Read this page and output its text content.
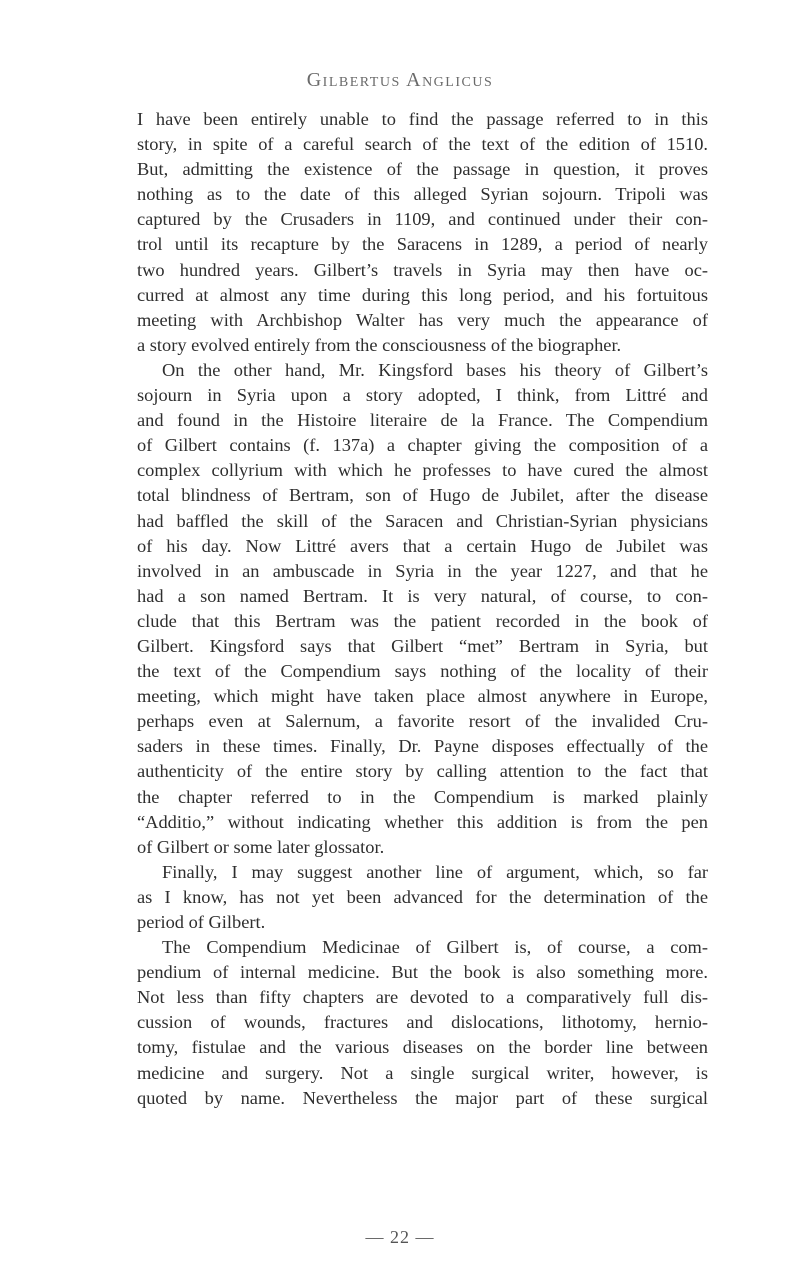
Gilbertus Anglicus
I have been entirely unable to find the passage referred to in this
story, in spite of a careful search of the text of the edition of 1510.
But, admitting the existence of the passage in question, it proves
nothing as to the date of this alleged Syrian sojourn. Tripoli was
captured by the Crusaders in 1109, and continued under their con-
trol until its recapture by the Saracens in 1289, a period of nearly
two hundred years. Gilbert’s travels in Syria may then have oc-
curred at almost any time during this long period, and his fortuitous
meeting with Archbishop Walter has very much the appearance of
a story evolved entirely from the consciousness of the biographer.
On the other hand, Mr. Kingsford bases his theory of Gilbert’s
sojourn in Syria upon a story adopted, I think, from Littré and
and found in the Histoire literaire de la France. The Compendium
of Gilbert contains (f. 137a) a chapter giving the composition of a
complex collyrium with which he professes to have cured the almost
total blindness of Bertram, son of Hugo de Jubilet, after the disease
had baffled the skill of the Saracen and Christian-Syrian physicians
of his day. Now Littré avers that a certain Hugo de Jubilet was
involved in an ambuscade in Syria in the year 1227, and that he
had a son named Bertram. It is very natural, of course, to con-
clude that this Bertram was the patient recorded in the book of
Gilbert. Kingsford says that Gilbert “met” Bertram in Syria, but
the text of the Compendium says nothing of the locality of their
meeting, which might have taken place almost anywhere in Europe,
perhaps even at Salernum, a favorite resort of the invalided Cru-
saders in these times. Finally, Dr. Payne disposes effectually of the
authenticity of the entire story by calling attention to the fact that
the chapter referred to in the Compendium is marked plainly
“Additio,” without indicating whether this addition is from the pen
of Gilbert or some later glossator.
Finally, I may suggest another line of argument, which, so far
as I know, has not yet been advanced for the determination of the
period of Gilbert.
The Compendium Medicinae of Gilbert is, of course, a com-
pendium of internal medicine. But the book is also something more.
Not less than fifty chapters are devoted to a comparatively full dis-
cussion of wounds, fractures and dislocations, lithotomy, hernio-
tomy, fistulae and the various diseases on the border line between
medicine and surgery. Not a single surgical writer, however, is
quoted by name. Nevertheless the major part of these surgical
— 22 —
